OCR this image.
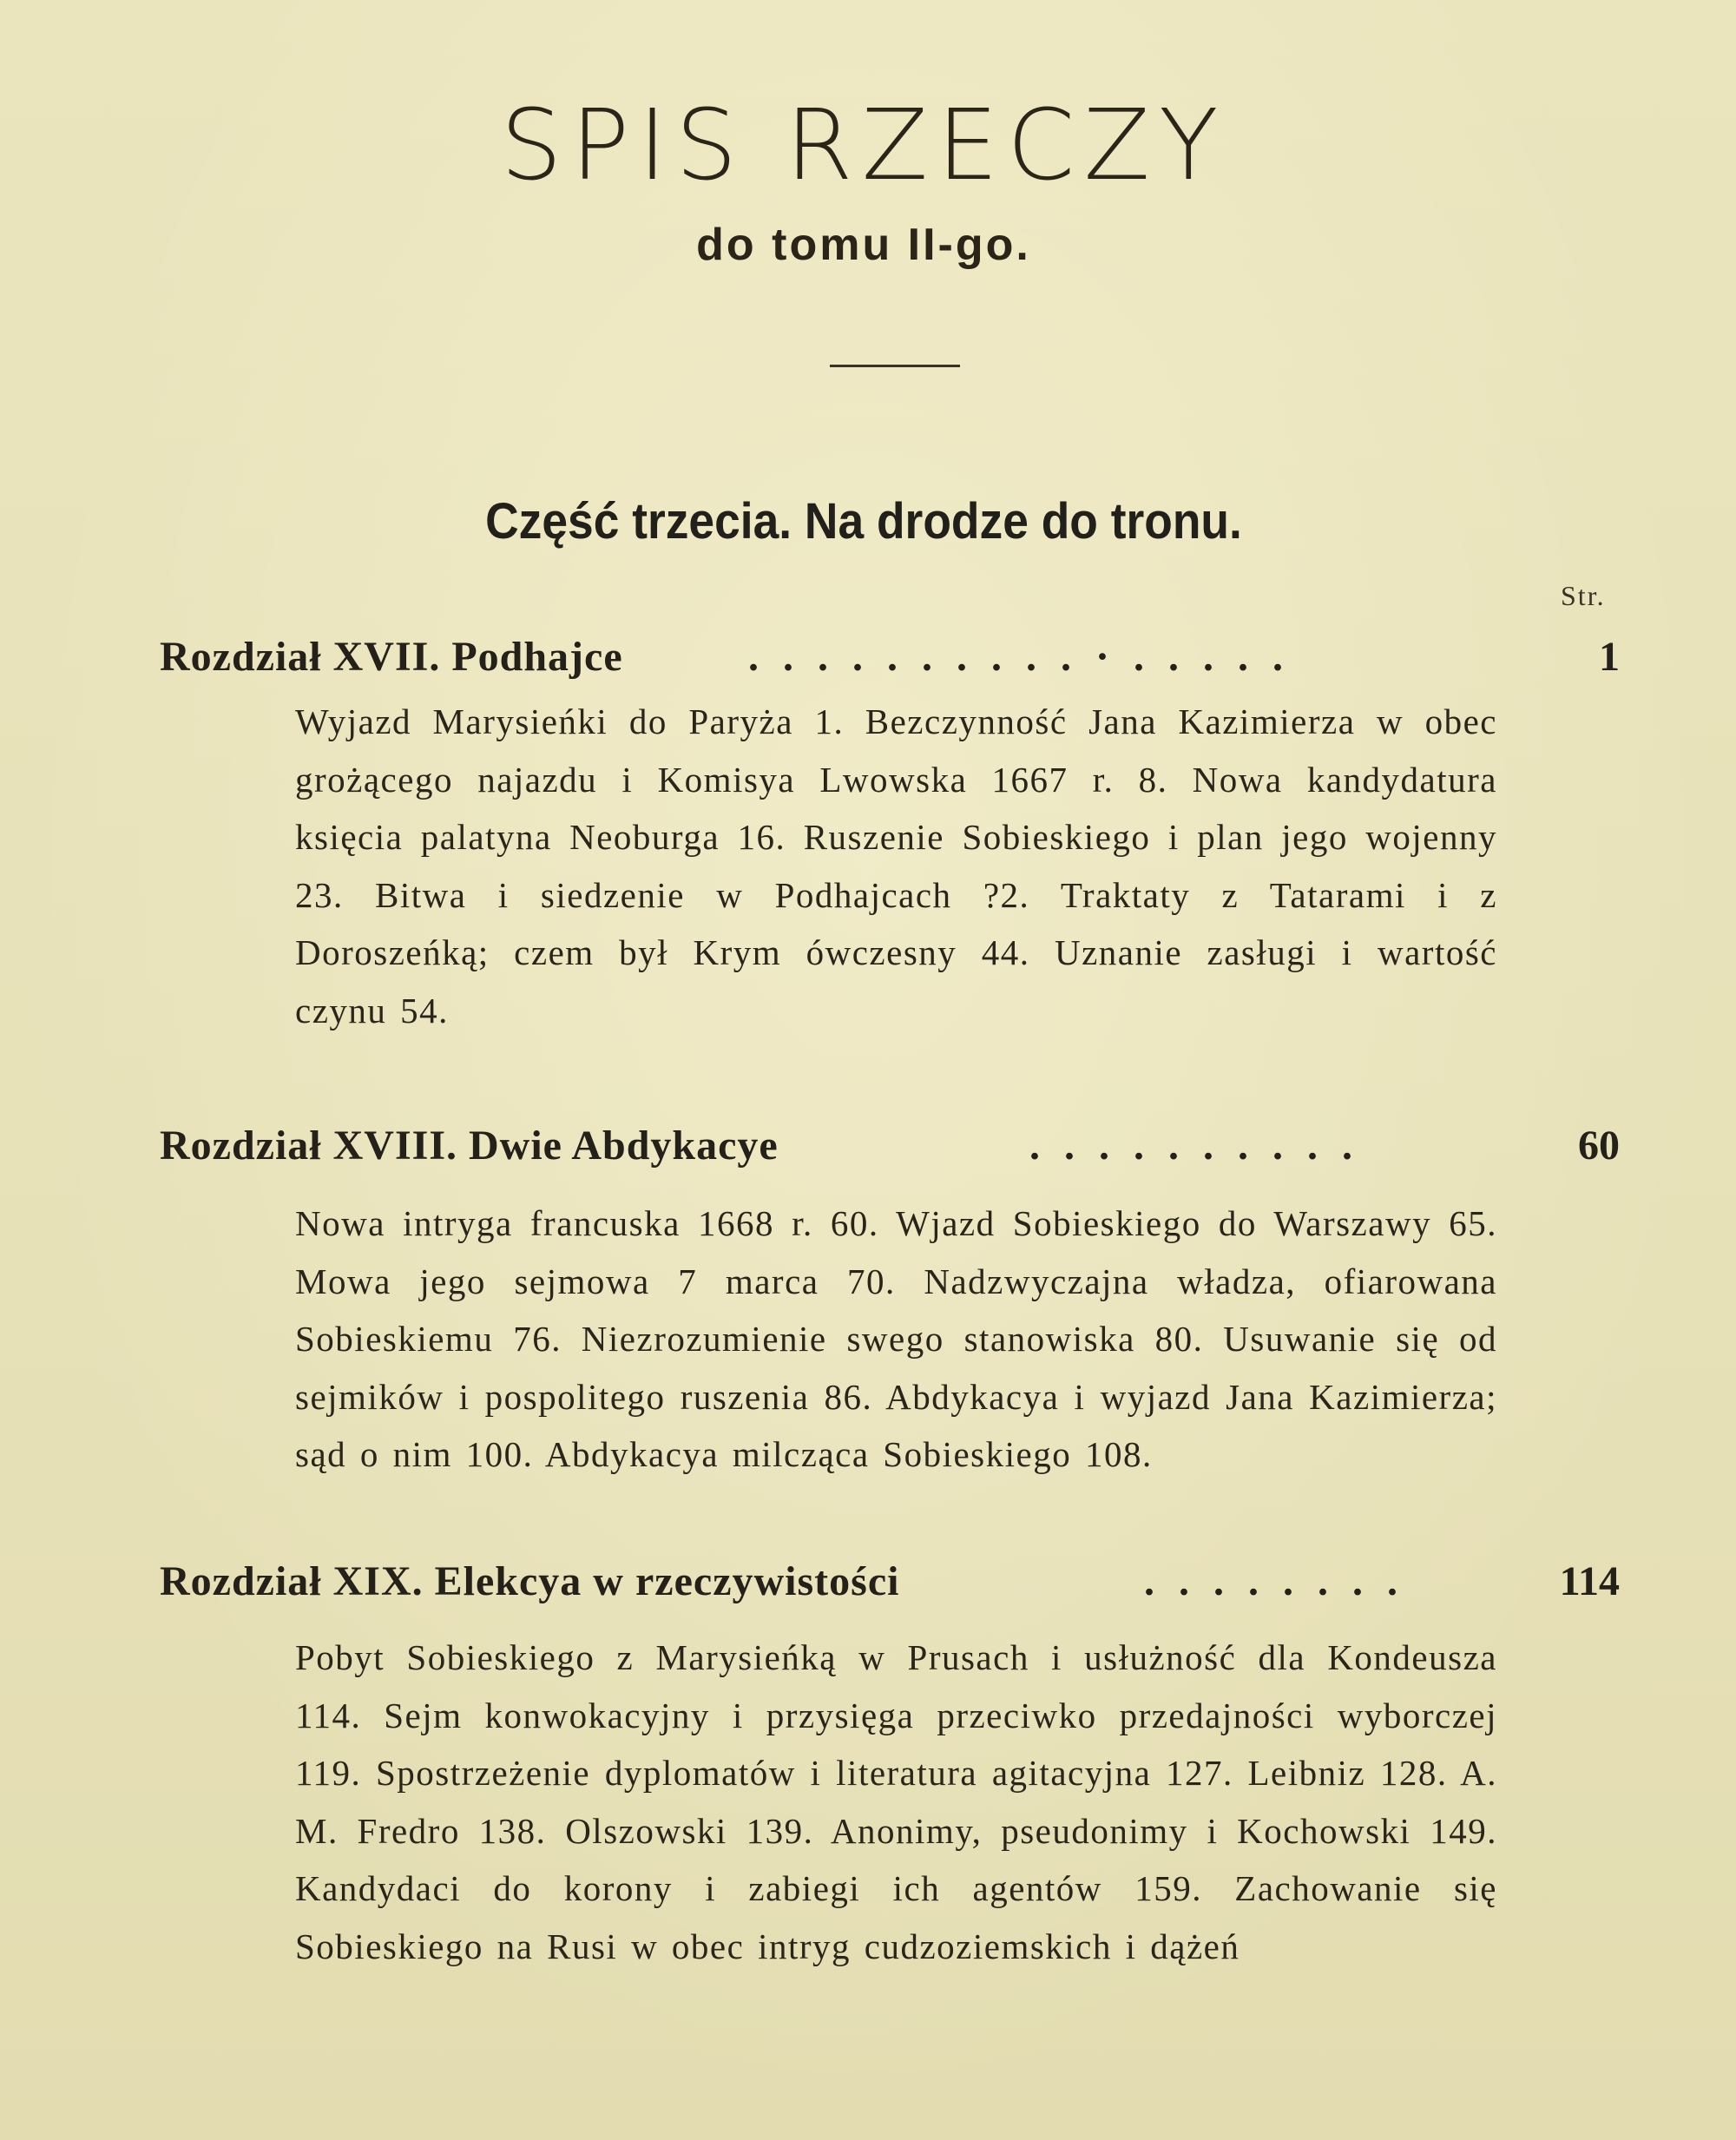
SPIS RZECZY
do tomu II-go.
Część trzecia. Na drodze do tronu.
Str.
Rozdział XVII. Podhajce	. . . . . . . . . . · . . . . .	1
Wyjazd Marysieńki do Paryża 1. Bezczynność Jana Kazimierza w obec grożącego najazdu i Komisya Lwowska 1667 r. 8. Nowa kandydatura księcia palatyna Neoburga 16. Ruszenie Sobieskiego i plan jego wojenny 23. Bitwa i siedzenie w Podhajcach ?2. Traktaty z Tatarami i z Doroszeńką; czem był Krym ówczesny 44. Uznanie zasługi i wartość czynu 54.
Rozdział XVIII. Dwie Abdykacye	. . . . . . . . . .	60
Nowa intryga francuska 1668 r. 60. Wjazd Sobieskiego do Warszawy 65. Mowa jego sejmowa 7 marca 70. Nadzwyczajna władza, ofiarowana Sobieskiemu 76. Niezrozumienie swego stanowiska 80. Usuwanie się od sejmików i pospolitego ruszenia 86. Abdykacya i wyjazd Jana Kazimierza; sąd o nim 100. Abdykacya milcząca Sobieskiego 108.
Rozdział XIX. Elekcya w rzeczywistości	. . . . . . . .	114
Pobyt Sobieskiego z Marysieńką w Prusach i usłużność dla Kondeusza 114. Sejm konwokacyjny i przysięga przeciwko przedajności wyborczej 119. Spostrzeżenie dyplomatów i literatura agitacyjna 127. Leibniz 128. A. M. Fredro 138. Olszowski 139. Anonimy, pseudonimy i Kochowski 149. Kandydaci do korony i zabiegi ich agentów 159. Zachowanie się Sobieskiego na Rusi w obec intryg cudzoziemskich i dążeń
